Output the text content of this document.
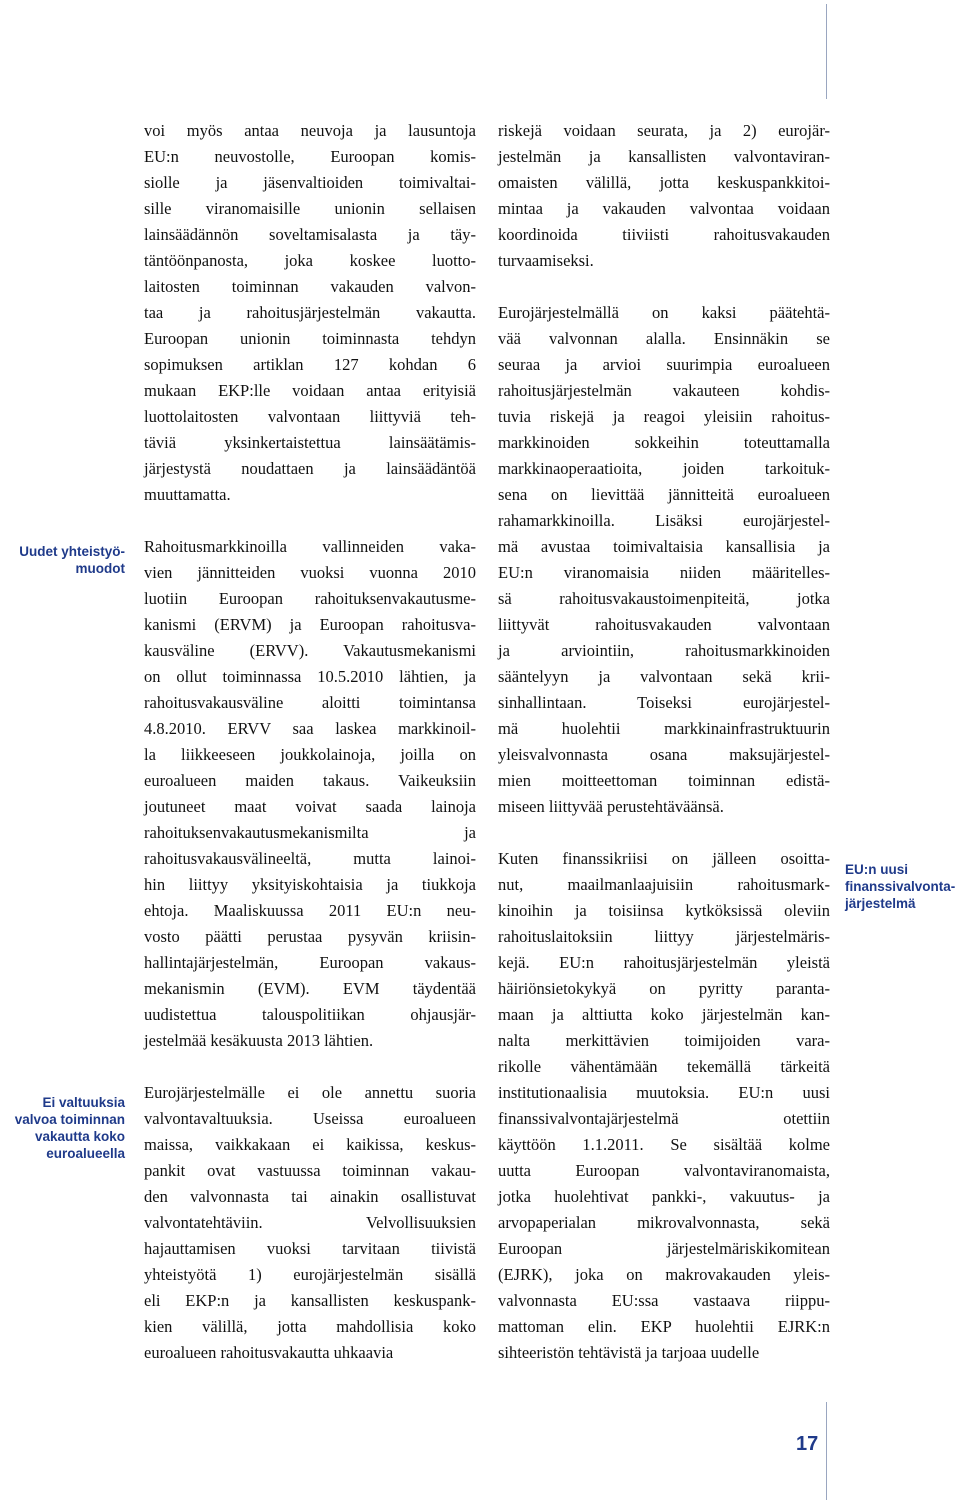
Uudet yhteistyö-
muodot
Ei valtuuksia
valvoa toiminnan
vakautta koko
euroalueella
EU:n uusi
finanssivalvonta-
järjestelmä

voi myös antaa neuvoja ja lausuntoja
EU:n neuvostolle, Euroopan komis-
siolle ja jäsenvaltioiden toimivaltai-
sille viranomaisille unionin sellaisen
lainsäädännön soveltamisalasta ja täy-
täntöönpanosta, joka koskee luotto-
laitosten toiminnan vakauden valvon-
taa ja rahoitusjärjestelmän vakautta.
Euroopan unionin toiminnasta tehdyn
sopimuksen artiklan 127 kohdan 6
mukaan EKP:lle voidaan antaa erityisiä
luottolaitosten valvontaan liittyviä teh-
täviä yksinkertaistettua lainsäätämis-
järjestystä noudattaen ja lainsäädäntöä
muuttamatta.

Rahoitusmarkkinoilla vallinneiden vaka-
vien jännitteiden vuoksi vuonna 2010
luotiin Euroopan rahoituksenvakautusme-
kanismi (ERVM) ja Euroopan rahoitusva-
kausväline (ERVV). Vakautusmekanismi
on ollut toiminnassa 10.5.2010 lähtien, ja
rahoitusvakausväline aloitti toimintansa
4.8.2010. ERVV saa laskea markkinoil-
la liikkeeseen joukkolainoja, joilla on
euroalueen maiden takaus. Vaikeuksiin
joutuneet maat voivat saada lainoja
rahoituksenvakautusmekanismilta ja
rahoitusvakausvälineeltä, mutta lainoi-
hin liittyy yksityiskohtaisia ja tiukkoja
ehtoja. Maaliskuussa 2011 EU:n neu-
vosto päätti perustaa pysyvän kriisin-
hallintajärjestelmän, Euroopan vakaus-
mekanismin (EVM). EVM täydentää
uudistettua talouspolitiikan ohjausjär-
jestelmää kesäkuusta 2013 lähtien.

Eurojärjestelmälle ei ole annettu suoria
valvontavaltuuksia. Useissa euroalueen
maissa, vaikkakaan ei kaikissa, keskus-
pankit ovat vastuussa toiminnan vakau-
den valvonnasta tai ainakin osallistuvat
valvontatehtäviin. Velvollisuuksien
hajauttamisen vuoksi tarvitaan tiivistä
yhteistyötä 1) eurojärjestelmän sisällä
eli EKP:n ja kansallisten keskuspank-
kien välillä, jotta mahdollisia koko
euroalueen rahoitusvakautta uhkaavia

riskejä voidaan seurata, ja 2) eurojär-
jestelmän ja kansallisten valvontaviran-
omaisten välillä, jotta keskuspankkitoi-
mintaa ja vakauden valvontaa voidaan
koordinoida tiiviisti rahoitusvakauden
turvaamiseksi.

Eurojärjestelmällä on kaksi päätehtä-
vää valvonnan alalla. Ensinnäkin se
seuraa ja arvioi suurimpia euroalueen
rahoitusjärjestelmän vakauteen kohdis-
tuvia riskejä ja reagoi yleisiin rahoitus-
markkinoiden sokkeihin toteuttamalla
markkinaoperaatioita, joiden tarkoituk-
sena on lievittää jännitteitä euroalueen
rahamarkkinoilla. Lisäksi eurojärjestel-
mä avustaa toimivaltaisia kansallisia ja
EU:n viranomaisia niiden määritelles-
sä rahoitusvakaustoimenpiteitä, jotka
liittyvät rahoitusvakauden valvontaan
ja arviointiin, rahoitusmarkkinoiden
sääntelyyn ja valvontaan sekä krii-
sinhallintaan. Toiseksi eurojärjestel-
mä huolehtii markkinainfrastruktuurin
yleisvalvonnasta osana maksujärjestel-
mien moitteettoman toiminnan edistä-
miseen liittyvää perustehtäväänsä.

Kuten finanssikriisi on jälleen osoitta-
nut, maailmanlaajuisiin rahoitusmark-
kinoihin ja toisiinsa kytköksissä oleviin
rahoituslaitoksiin liittyy järjestelmäris-
kejä. EU:n rahoitusjärjestelmän yleistä
häiriönsietokykyä on pyritty paranta-
maan ja alttiutta koko järjestelmän kan-
nalta merkittävien toimijoiden vara-
rikolle vähentämään tekemällä tärkeitä
institutionaalisia muutoksia. EU:n uusi
finanssivalvontajärjestelmä otettiin
käyttöön 1.1.2011. Se sisältää kolme
uutta Euroopan valvontaviranomaista,
jotka huolehtivat pankki-, vakuutus- ja
arvopaperialan mikrovalvonnasta, sekä
Euroopan järjestelmäriskikomitean
(EJRK), joka on makrovakauden yleis-
valvonnasta EU:ssa vastaava riippu-
mattoman elin. EKP huolehtii EJRK:n
sihteeristön tehtävistä ja tarjoaa uudelle

17
